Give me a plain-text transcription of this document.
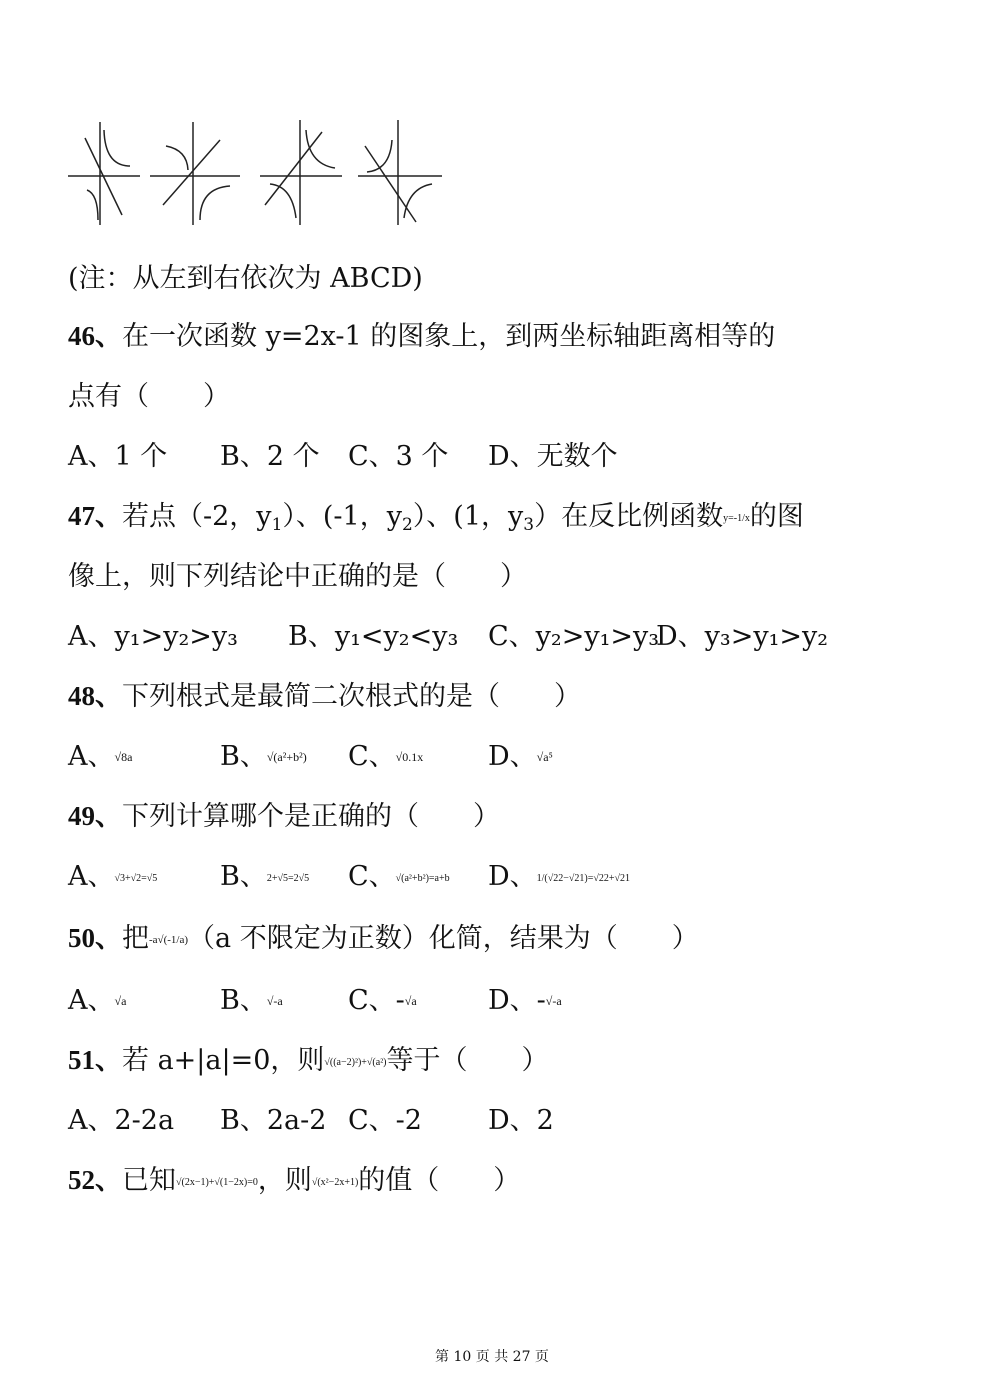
(注：从左到右依次为 ABCD)
46、在一次函数 y=2x-1 的图象上，到两坐标轴距离相等的
点有（　　）
A、1 个 B、2 个 C、3 个 D、无数个
47、若点（-2，$y_1$）、(-1，$y_2$）、(1，$y_3$）在反比例函数y=-1/x的图
像上，则下列结论中正确的是（　　）
A、y₁>y₂>y₃ B、y₁<y₂<y₃ C、y₂>y₁>y₃D、y₃>y₁>y₂
48、下列根式是最简二次根式的是（　　）
A、√8a	B、√(a²+b²) C、√0.1x D、√a⁵
49、下列计算哪个是正确的（　　）
A、√3+√2=√5 B、2+√5=2√5 C、√(a²+b²)=a+b D、1/(√22−√21)=√22+√21
50、把-a√(-1/a)（a 不限定为正数）化简，结果为（　　）
A、√a	B、√-a C、-√a	D、-√-a
51、若 a+|a|=0，则√((a−2)²)+√(a²)等于（　　）
A、2-2a B、2a-2 C、-2 D、2
52、已知√(2x−1)+√(1−2x)=0，则√(x²−2x+1)的值（　　）
第 10 页 共 27 页
